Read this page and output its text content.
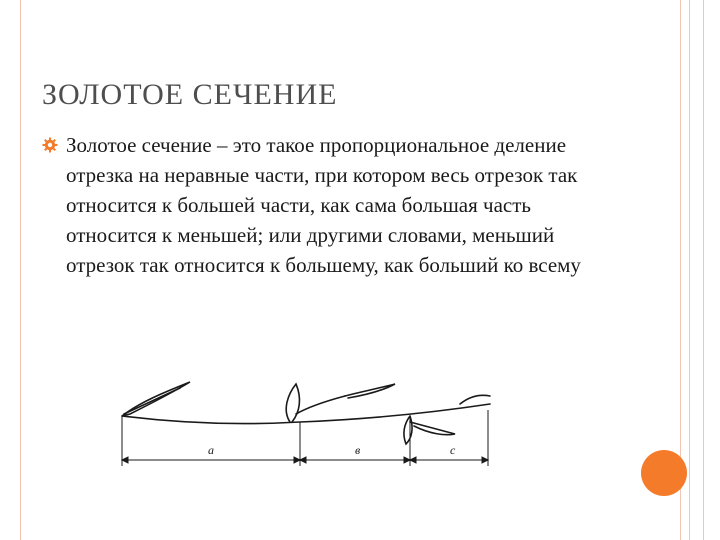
ЗОЛОТОЕ СЕЧЕНИЕ
Золотое сечение – это такое пропорциональное деление отрезка на неравные части, при котором весь отрезок так относится к большей части, как сама большая часть относится к меньшей; или другими словами, меньший отрезок так относится к большему, как больший ко всему
a	в	c
